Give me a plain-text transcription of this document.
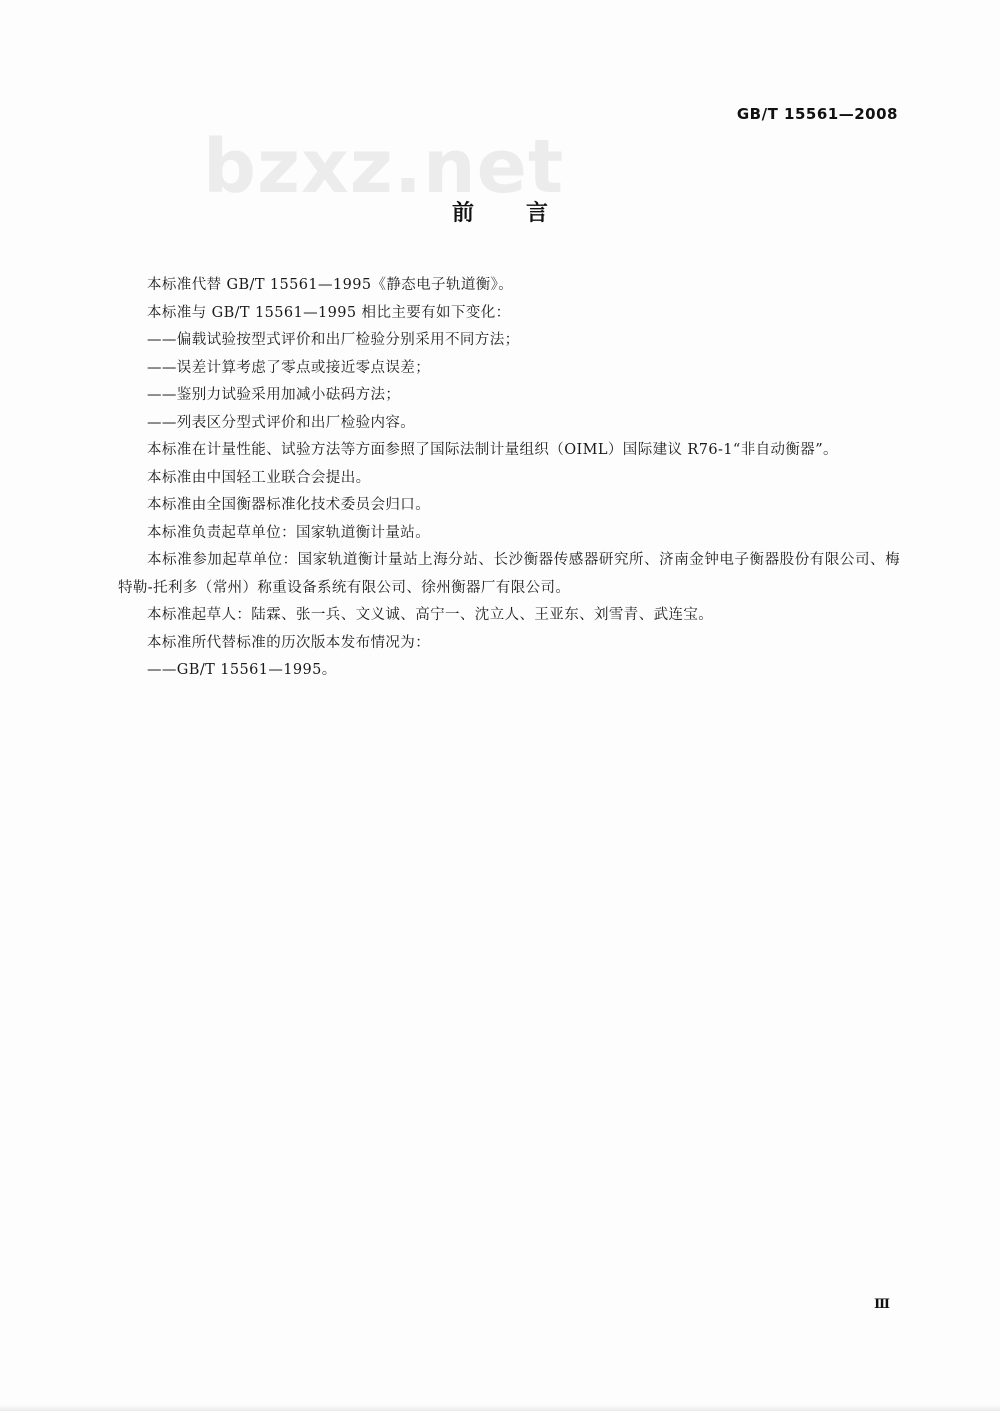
GB/T 15561—2008
bzxz.net
前言

本标准代替 GB/T 15561—1995《静态电子轨道衡》。

本标准与 GB/T 15561—1995 相比主要有如下变化：

——偏载试验按型式评价和出厂检验分别采用不同方法；

——误差计算考虑了零点或接近零点误差；

——鉴别力试验采用加减小砝码方法；

——列表区分型式评价和出厂检验内容。

本标准在计量性能、试验方法等方面参照了国际法制计量组织（OIML）国际建议 R76-1“非自动衡器”。

本标准由中国轻工业联合会提出。

本标准由全国衡器标准化技术委员会归口。

本标准负责起草单位：国家轨道衡计量站。

本标准参加起草单位：国家轨道衡计量站上海分站、长沙衡器传感器研究所、济南金钟电子衡器股份有限公司、梅特勒-托利多（常州）称重设备系统有限公司、徐州衡器厂有限公司。

本标准起草人：陆霖、张一兵、文义诚、高宁一、沈立人、王亚东、刘雪青、武连宝。

本标准所代替标准的历次版本发布情况为：

——GB/T 15561—1995。

Ⅲ
